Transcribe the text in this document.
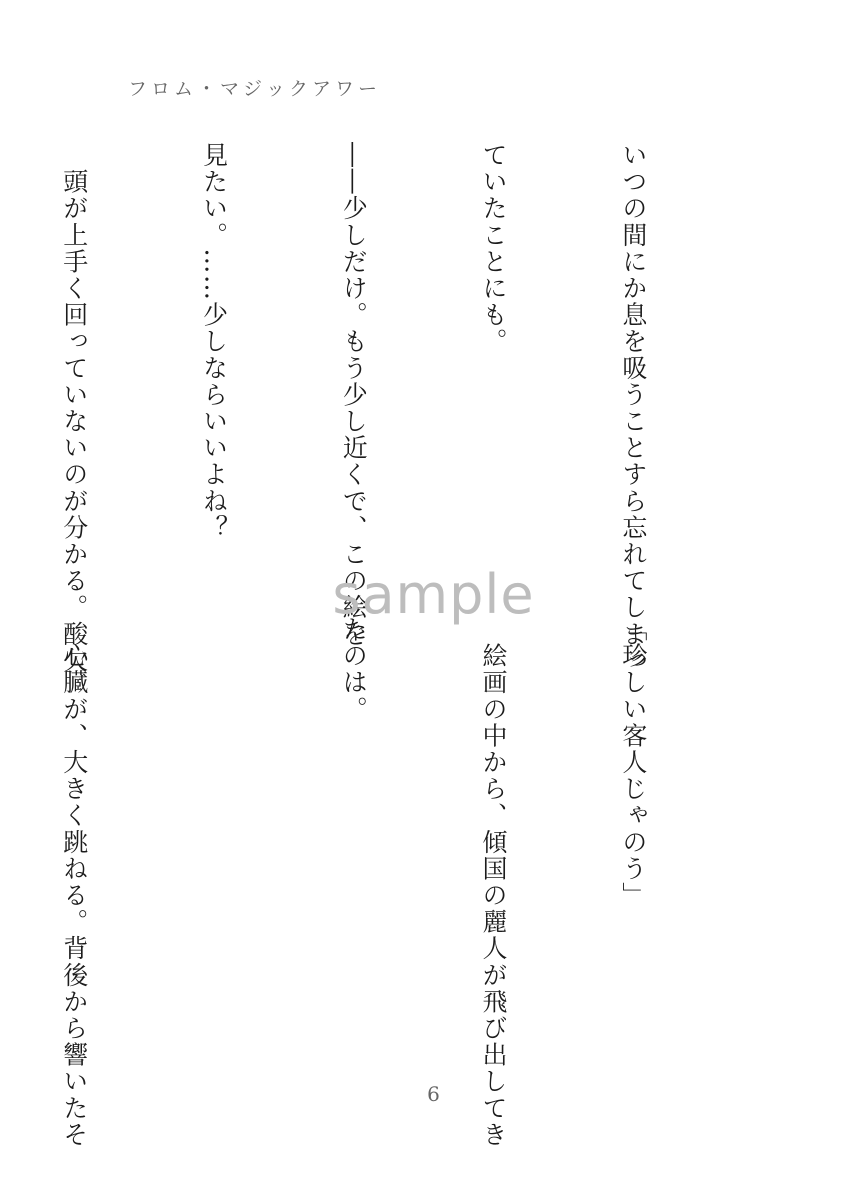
フロム・マジックアワー

いつの間にか息を吸うことすら忘れてしまっ

ていたことにも。

――少しだけ。もう少し近くで、この絵を

見たい。……少しならいいよね？

　頭が上手く回っていないのが分かる。酸欠

	sample

「珍しい客人じゃのう」

　絵画の中から、傾国の麗人が飛び出してき

たのは。

　心臓が、大きく跳ねる。背後から響いたそ

	6
